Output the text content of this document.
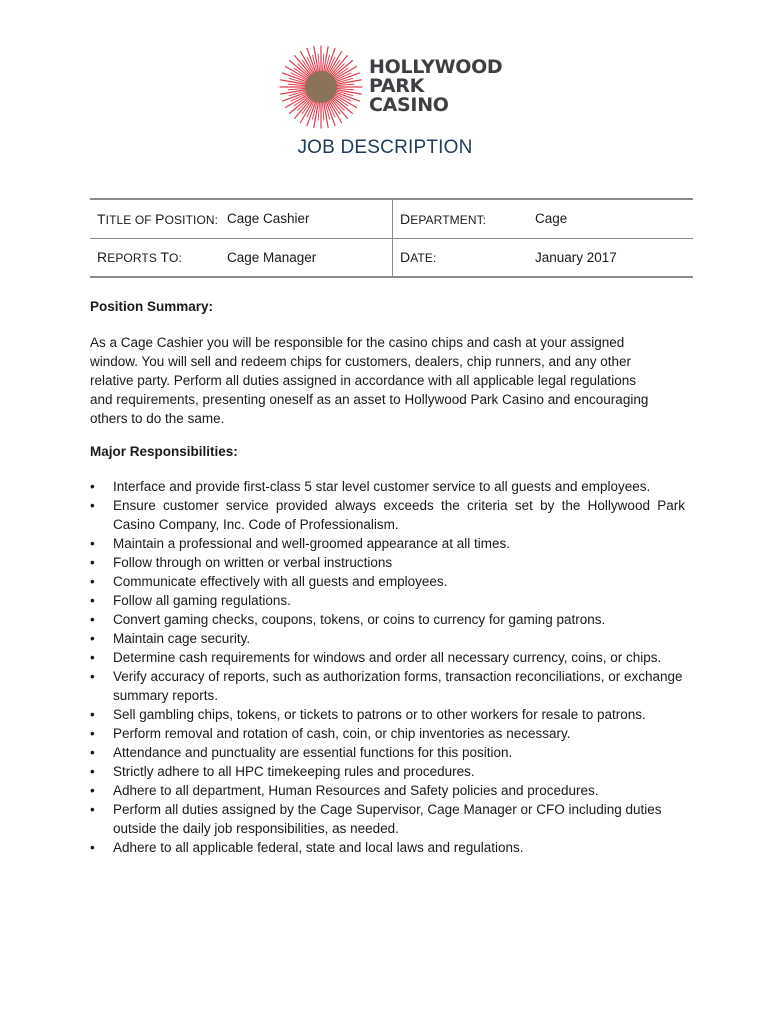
HOLLYWOOD
PARK
CASINO
JOB DESCRIPTION
TITLE OF POSITION:	Cage Cashier	DEPARTMENT:	Cage
REPORTS TO:	Cage Manager	DATE:	January 2017
Position Summary:
As a Cage Cashier you will be responsible for the casino chips and cash at your assigned
window. You will sell and redeem chips for customers, dealers, chip runners, and any other
relative party. Perform all duties assigned in accordance with all applicable legal regulations
and requirements, presenting oneself as an asset to Hollywood Park Casino and encouraging
others to do the same.
Major Responsibilities:
• Interface and provide first-class 5 star level customer service to all guests and employees.
• Ensure customer service provided always exceeds the criteria set by the Hollywood Park Casino Company, Inc. Code of Professionalism.
• Maintain a professional and well-groomed appearance at all times.
• Follow through on written or verbal instructions
• Communicate effectively with all guests and employees.
• Follow all gaming regulations.
• Convert gaming checks, coupons, tokens, or coins to currency for gaming patrons.
• Maintain cage security.
• Determine cash requirements for windows and order all necessary currency, coins, or chips.
• Verify accuracy of reports, such as authorization forms, transaction reconciliations, or exchange summary reports.
• Sell gambling chips, tokens, or tickets to patrons or to other workers for resale to patrons.
• Perform removal and rotation of cash, coin, or chip inventories as necessary.
• Attendance and punctuality are essential functions for this position.
• Strictly adhere to all HPC timekeeping rules and procedures.
• Adhere to all department, Human Resources and Safety policies and procedures.
• Perform all duties assigned by the Cage Supervisor, Cage Manager or CFO including duties outside the daily job responsibilities, as needed.
• Adhere to all applicable federal, state and local laws and regulations.
